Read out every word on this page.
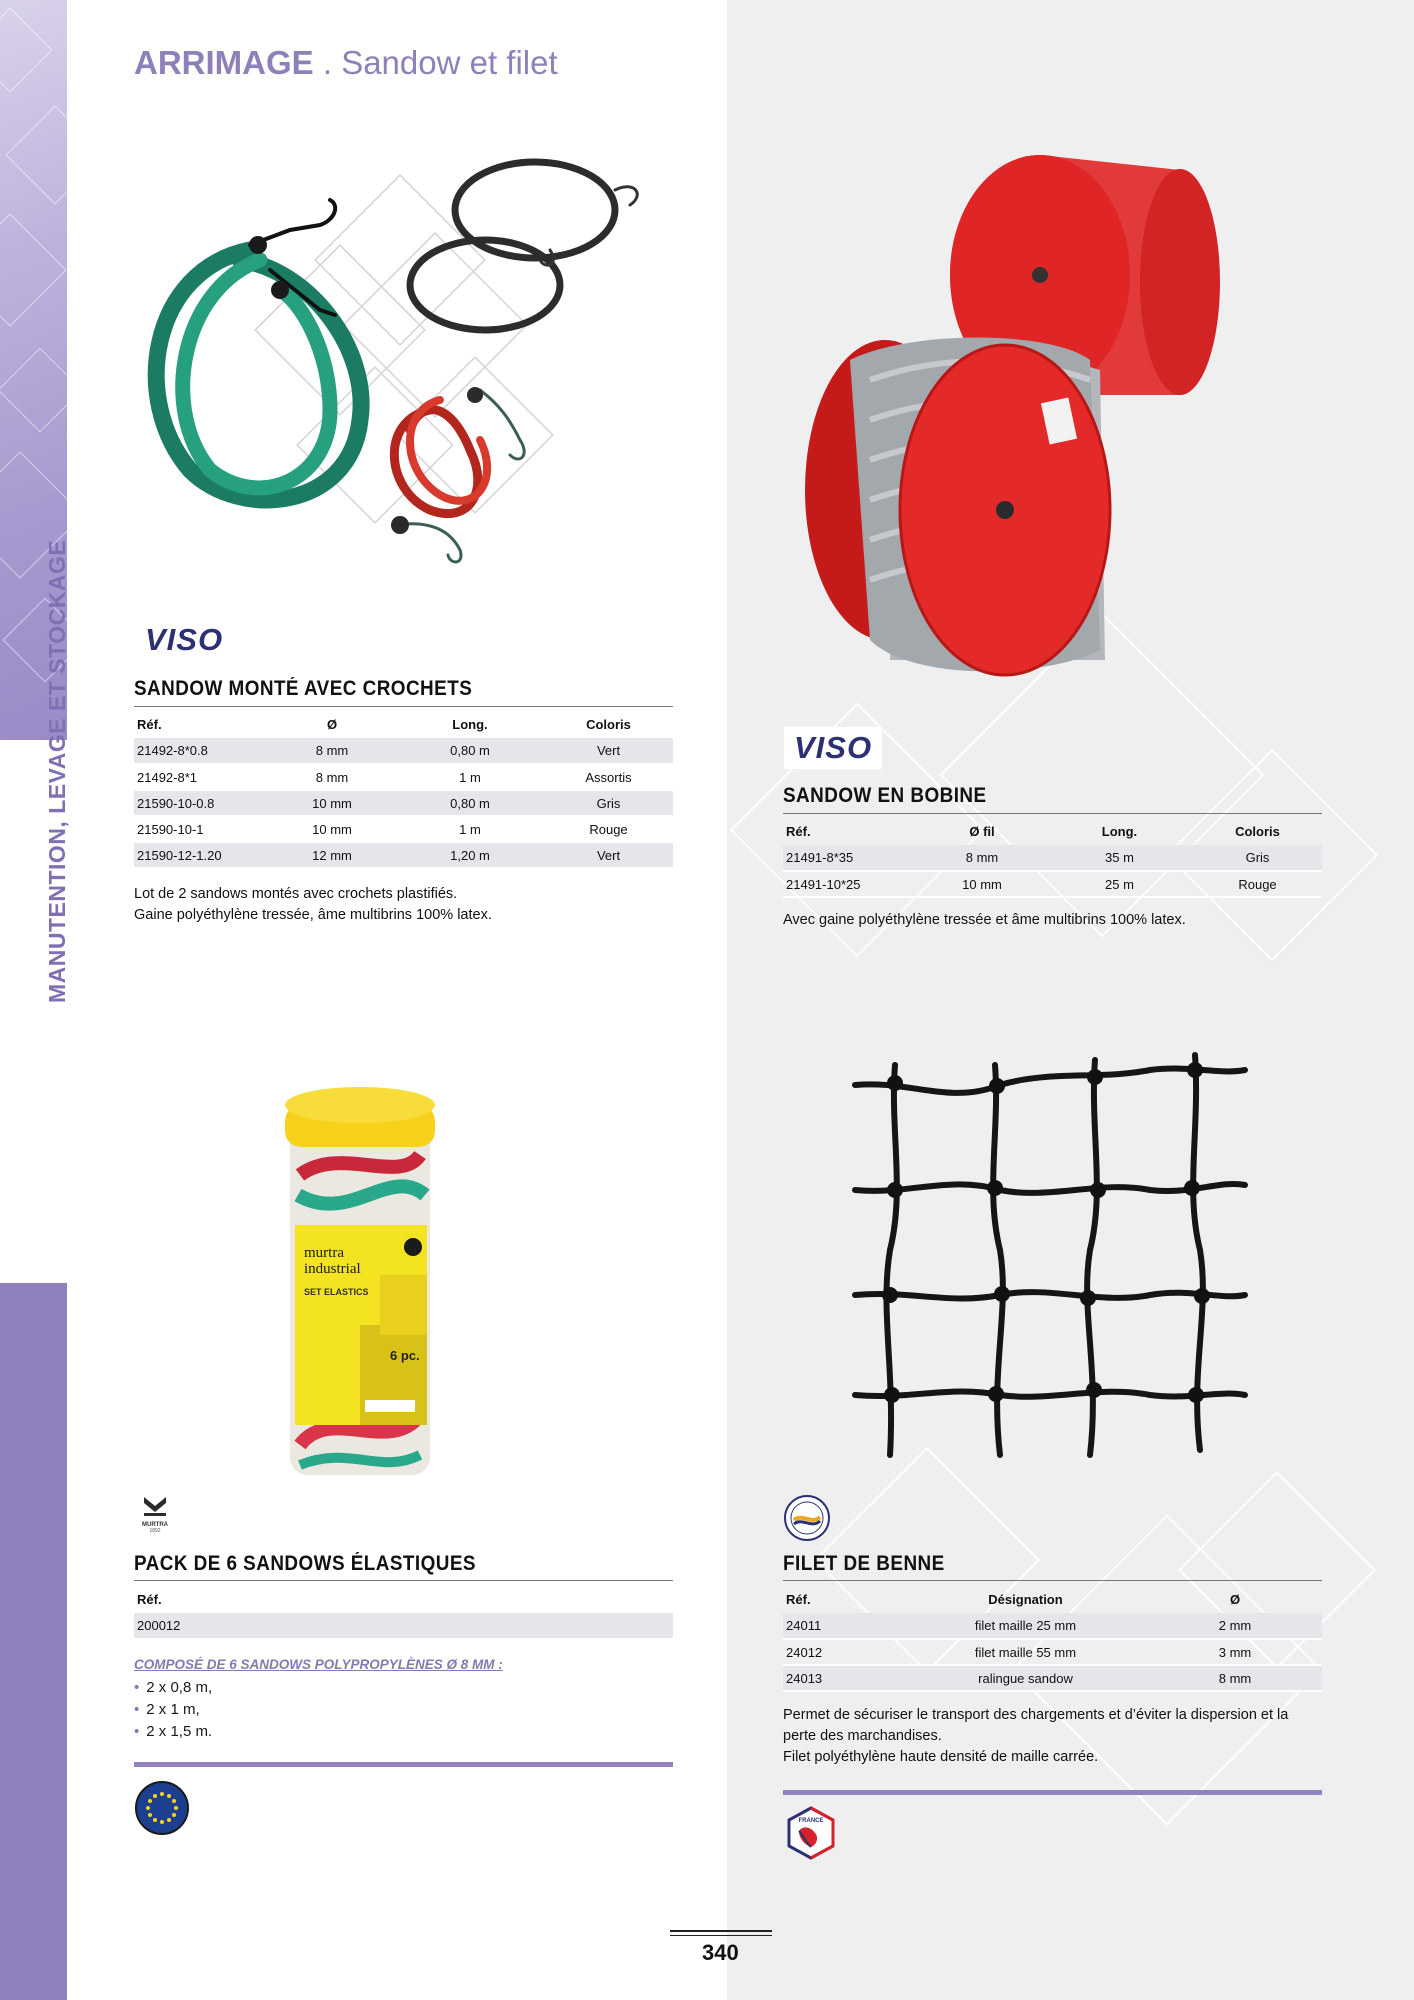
MANUTENTION, LEVAGE ET STOCKAGE
ARRIMAGE . Sandow et filet
murtra
industrial
SET ELASTICS
6 pc.
VISO
SANDOW MONTÉ AVEC CROCHETS
Réf.	Ø	Long.	Coloris
21492-8*0.8	8 mm	0,80 m	Vert
21492-8*1	8 mm	1 m	Assortis
21590-10-0.8	10 mm	0,80 m	Gris
21590-10-1	10 mm	1 m	Rouge
21590-12-1.20	12 mm	1,20 m	Vert
Lot de 2 sandows montés avec crochets plastifiés.
Gaine polyéthylène tressée, âme multibrins 100% latex.
VISO
SANDOW EN BOBINE
Réf.	Ø fil	Long.	Coloris
21491-8*35	8 mm	35 m	Gris
21491-10*25	10 mm	25 m	Rouge
Avec gaine polyéthylène tressée et âme multibrins 100% latex.
MURTRA
1892
PACK DE 6 SANDOWS ÉLASTIQUES
Réf.
200012
COMPOSÉ DE 6 SANDOWS POLYPROPYLÈNES Ø 8 MM :
• 2 x 0,8 m,
• 2 x 1 m,
• 2 x 1,5 m.
FILET DE BENNE
Réf.	Désignation	Ø
24011	filet maille 25 mm	2 mm
24012	filet maille 55 mm	3 mm
24013	ralingue sandow	8 mm
Permet de sécuriser le transport des chargements et d’éviter la dispersion et la
perte des marchandises.
Filet polyéthylène haute densité de maille carrée.
FRANCE
340
